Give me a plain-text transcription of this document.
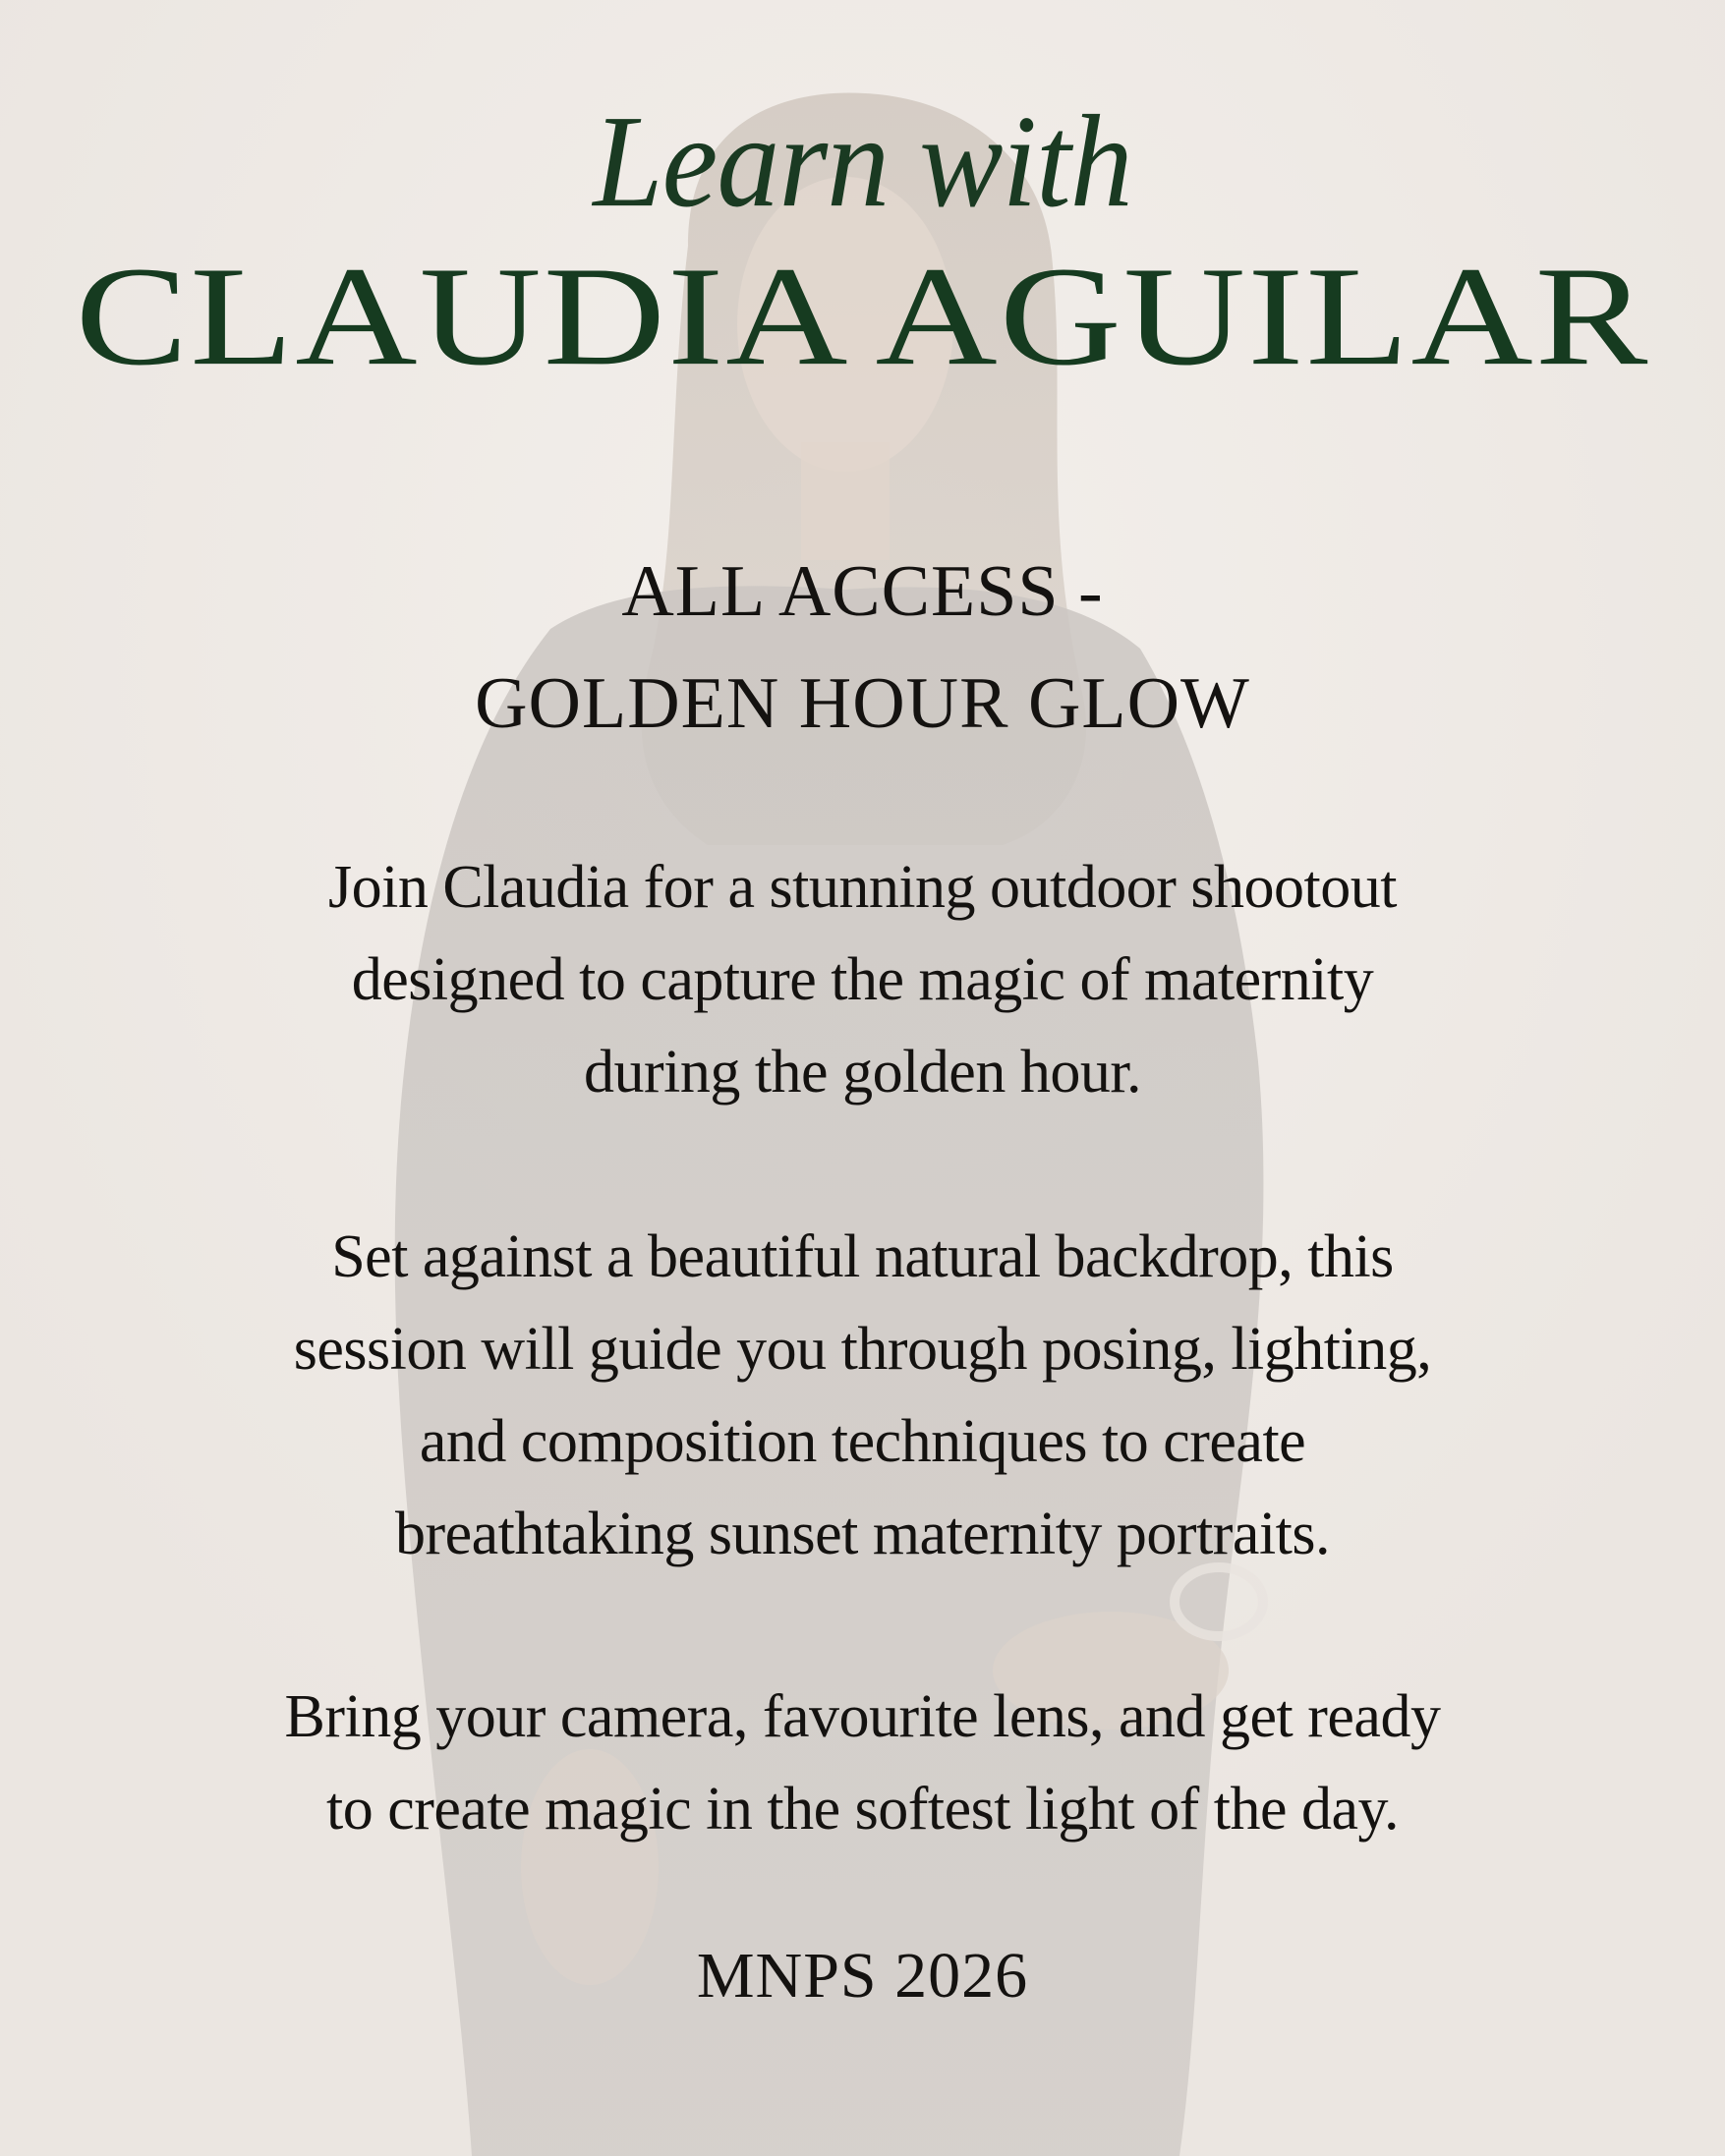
Learn with
CLAUDIA AGUILAR
ALL ACCESS -
GOLDEN HOUR GLOW
Join Claudia for a stunning outdoor shootout
designed to capture the magic of maternity
during the golden hour.
Set against a beautiful natural backdrop, this
session will guide you through posing, lighting,
and composition techniques to create
breathtaking sunset maternity portraits.
Bring your camera, favourite lens, and get ready
to create magic in the softest light of the day.
MNPS 2026
